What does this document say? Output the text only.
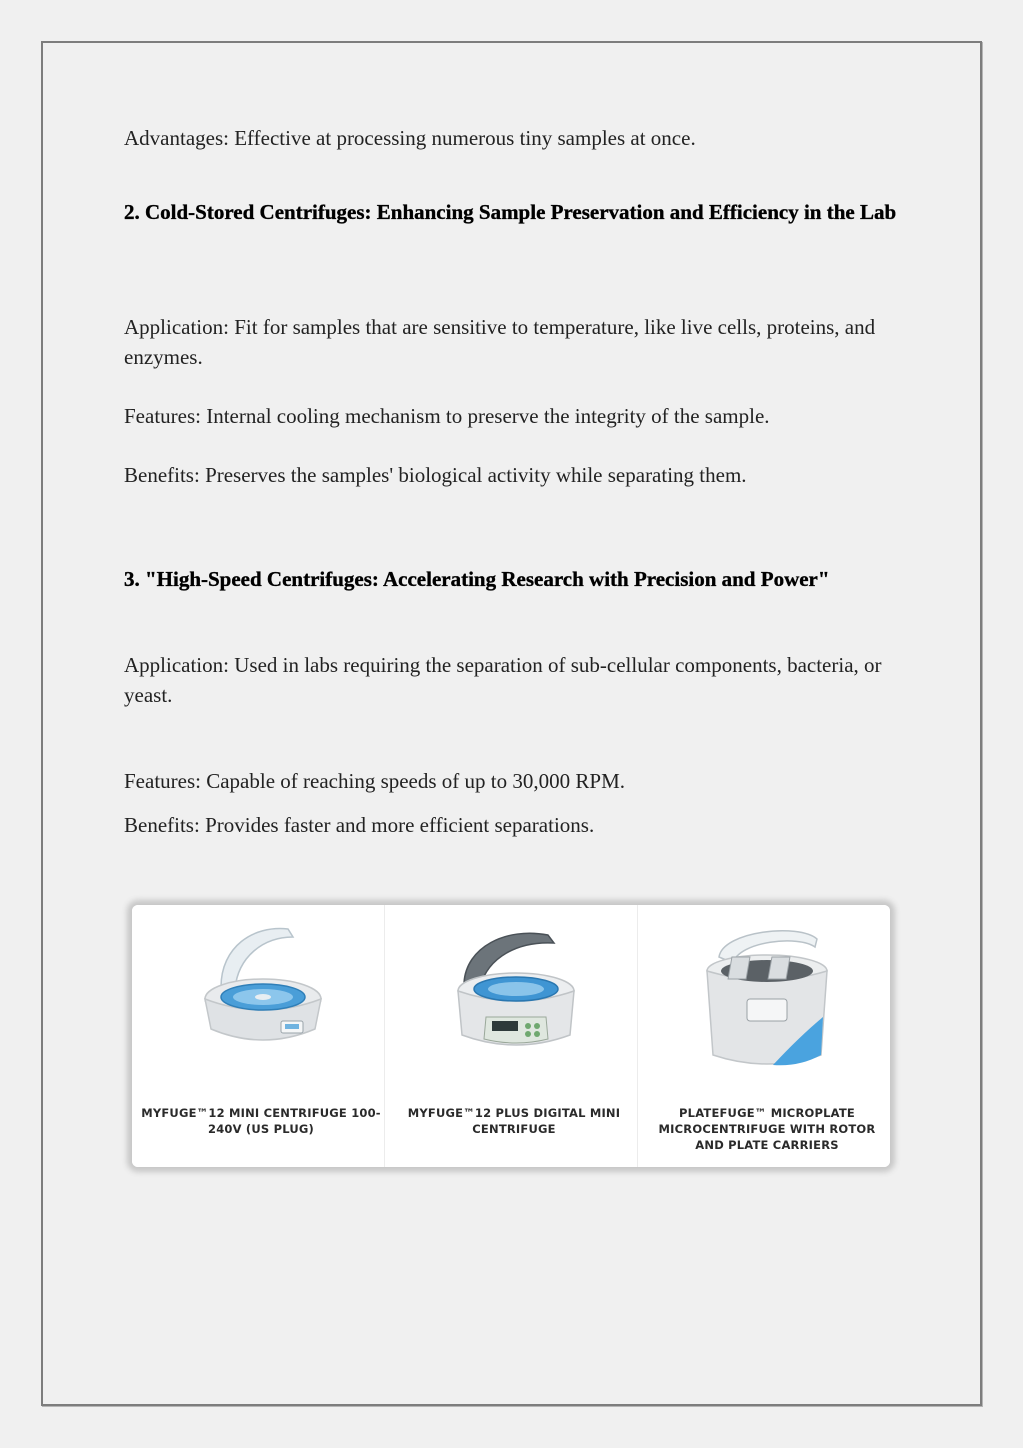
Advantages: Effective at processing numerous tiny samples at once.

2. Cold-Stored Centrifuges: Enhancing Sample Preservation and Efficiency in the Lab

Application: Fit for samples that are sensitive to temperature, like live cells, proteins, and enzymes.

Features: Internal cooling mechanism to preserve the integrity of the sample.

Benefits: Preserves the samples' biological activity while separating them.

3. "High-Speed Centrifuges: Accelerating Research with Precision and Power"

Application: Used in labs requiring the separation of sub-cellular components, bacteria, or yeast.

Features: Capable of reaching speeds of up to 30,000 RPM.

Benefits: Provides faster and more efficient separations.

MYFUGE™12 MINI CENTRIFUGE 100-
240V (US PLUG)
MYFUGE™12 PLUS DIGITAL MINI
CENTRIFUGE
PLATEFUGE™ MICROPLATE
MICROCENTRIFUGE WITH ROTOR
AND PLATE CARRIERS
